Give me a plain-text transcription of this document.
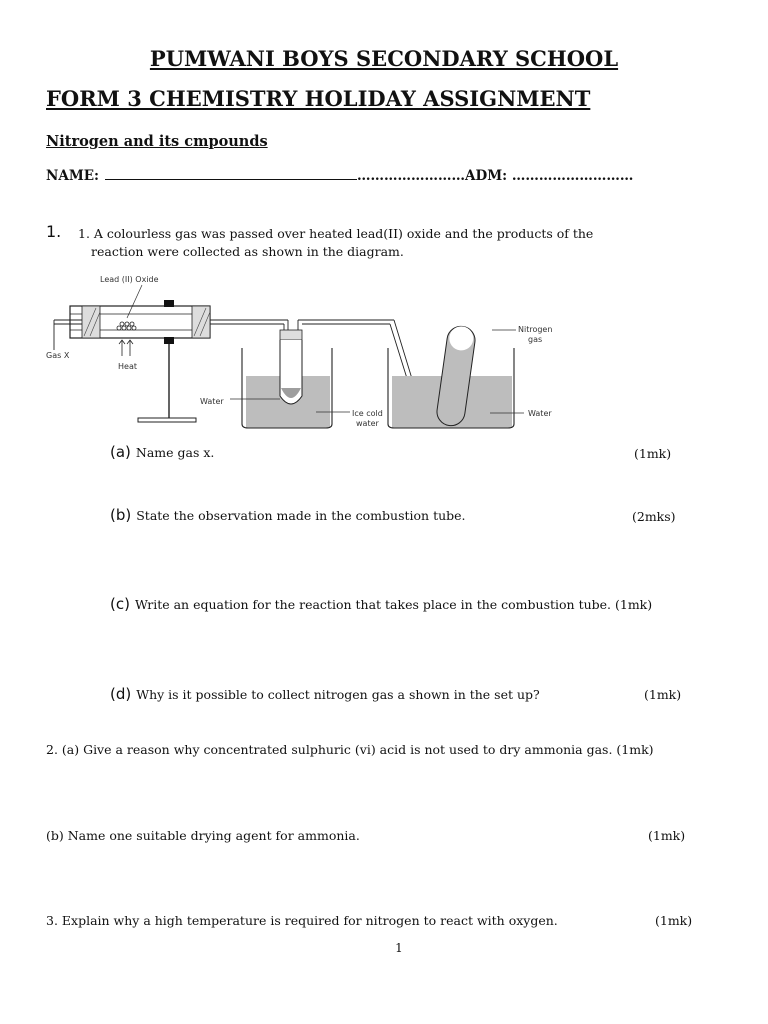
PUMWANI BOYS SECONDARY SCHOOL
FORM 3 CHEMISTRY HOLIDAY ASSIGNMENT
Nitrogen and its cmpounds
NAME:	……………………ADM: ………………………
1. 1. A colourless gas was passed over heated lead(II) oxide and the products of the
reaction were collected as shown in the diagram.
Lead (II) Oxide
Gas X
Heat
Water
Ice cold
water
Nitrogen
gas
Water
(a) Name gas x.	(1mk)
(b) State the observation made in the combustion tube.	(2mks)
(c) Write an equation for the reaction that takes place in the combustion tube. (1mk)
(d) Why is it possible to collect nitrogen gas a shown in the set up?	(1mk)
2. (a) Give a reason why concentrated sulphuric (vi) acid is not used to dry ammonia gas. (1mk)
(b) Name one suitable drying agent for ammonia.	(1mk)
3. Explain why a high temperature is required for nitrogen to react with oxygen.	(1mk)
1
